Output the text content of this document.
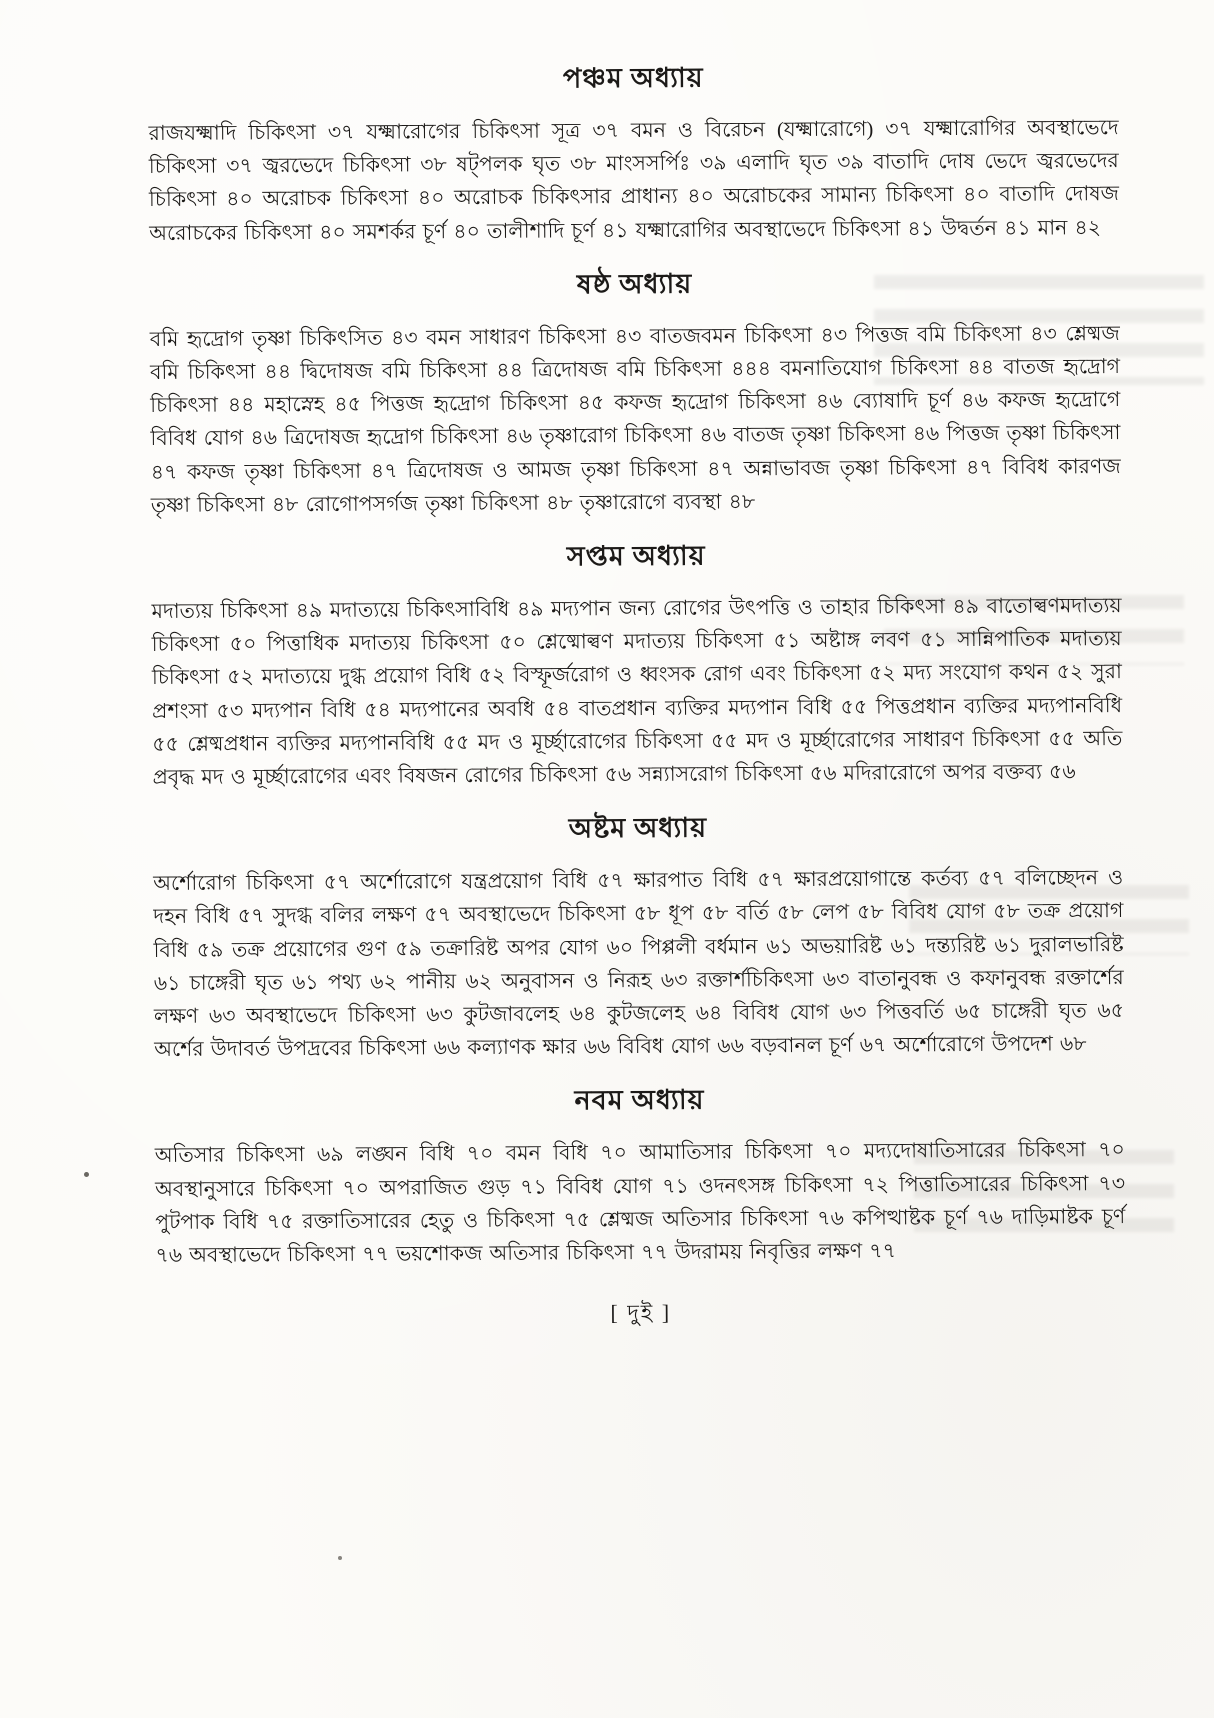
পঞ্চম অধ্যায়

রাজযক্ষ্মাদি চিকিৎসা ৩৭ যক্ষ্মারোগের চিকিৎসা সূত্র ৩৭ বমন ও বিরেচন (যক্ষ্মারোগে) ৩৭ যক্ষ্মারোগির অবস্থাভেদে চিকিৎসা ৩৭ জ্বরভেদে চিকিৎসা ৩৮ ষট্‌পলক ঘৃত ৩৮ মাংসসর্পিঃ ৩৯ এলাদি ঘৃত ৩৯ বাতাদি দোষ ভেদে জ্বরভেদের চিকিৎসা ৪০ অরোচক চিকিৎসা ৪০ অরোচক চিকিৎসার প্রাধান্য ৪০ অরোচকের সামান্য চিকিৎসা ৪০ বাতাদি দোষজ অরোচকের চিকিৎসা ৪০ সমশর্কর চূর্ণ ৪০ তালীশাদি চূর্ণ ৪১ যক্ষ্মারোগির অবস্থাভেদে চিকিৎসা ৪১ উদ্বর্তন ৪১ মান ৪২

ষষ্ঠ অধ্যায়

বমি হৃদ্রোগ তৃষ্ণা চিকিৎসিত ৪৩ বমন সাধারণ চিকিৎসা ৪৩ বাতজবমন চিকিৎসা ৪৩ পিত্তজ বমি চিকিৎসা ৪৩ শ্লেষ্মজ বমি চিকিৎসা ৪৪ দ্বিদোষজ বমি চিকিৎসা ৪৪ ত্রিদোষজ বমি চিকিৎসা ৪৪৪ বমনাতিযোগ চিকিৎসা ৪৪ বাতজ হৃদ্রোগ চিকিৎসা ৪৪ মহাস্নেহ ৪৫ পিত্তজ হৃদ্রোগ চিকিৎসা ৪৫ কফজ হৃদ্রোগ চিকিৎসা ৪৬ ব্যোষাদি চূর্ণ ৪৬ কফজ হৃদ্রোগে বিবিধ যোগ ৪৬ ত্রিদোষজ হৃদ্রোগ চিকিৎসা ৪৬ তৃষ্ণারোগ চিকিৎসা ৪৬ বাতজ তৃষ্ণা চিকিৎসা ৪৬ পিত্তজ তৃষ্ণা চিকিৎসা ৪৭ কফজ তৃষ্ণা চিকিৎসা ৪৭ ত্রিদোষজ ও আমজ তৃষ্ণা চিকিৎসা ৪৭ অন্নাভাবজ তৃষ্ণা চিকিৎসা ৪৭ বিবিধ কারণজ তৃষ্ণা চিকিৎসা ৪৮ রোগোপসর্গজ তৃষ্ণা চিকিৎসা ৪৮ তৃষ্ণারোগে ব্যবস্থা ৪৮

সপ্তম অধ্যায়

মদাত্যয় চিকিৎসা ৪৯ মদাত্যয়ে চিকিৎসাবিধি ৪৯ মদ্যপান জন্য রোগের উৎপত্তি ও তাহার চিকিৎসা ৪৯ বাতোল্বণমদাত্যয় চিকিৎসা ৫০ পিত্তাধিক মদাত্যয় চিকিৎসা ৫০ শ্লেষ্মোল্বণ মদাত্যয় চিকিৎসা ৫১ অষ্টাঙ্গ লবণ ৫১ সান্নিপাতিক মদাত্যয় চিকিৎসা ৫২ মদাত্যয়ে দুগ্ধ প্রয়োগ বিধি ৫২ বিস্ফূর্জরোগ ও ধ্বংসক রোগ এবং চিকিৎসা ৫২ মদ্য সংযোগ কথন ৫২ সুরা প্রশংসা ৫৩ মদ্যপান বিধি ৫৪ মদ্যপানের অবধি ৫৪ বাতপ্রধান ব্যক্তির মদ্যপান বিধি ৫৫ পিত্তপ্রধান ব্যক্তির মদ্যপানবিধি ৫৫ শ্লেষ্মপ্রধান ব্যক্তির মদ্যপানবিধি ৫৫ মদ ও মূর্চ্ছারোগের চিকিৎসা ৫৫ মদ ও মূর্চ্ছারোগের সাধারণ চিকিৎসা ৫৫ অতি প্রবৃদ্ধ মদ ও মূর্চ্ছারোগের এবং বিষজন রোগের চিকিৎসা ৫৬ সন্ন্যাসরোগ চিকিৎসা ৫৬ মদিরারোগে অপর বক্তব্য ৫৬

অষ্টম অধ্যায়

অর্শোরোগ চিকিৎসা ৫৭ অর্শোরোগে যন্ত্রপ্রয়োগ বিধি ৫৭ ক্ষারপাত বিধি ৫৭ ক্ষারপ্রয়োগান্তে কর্তব্য ৫৭ বলিচ্ছেদন ও দহন বিধি ৫৭ সুদগ্ধ বলির লক্ষণ ৫৭ অবস্থাভেদে চিকিৎসা ৫৮ ধূপ ৫৮ বর্তি ৫৮ লেপ ৫৮ বিবিধ যোগ ৫৮ তক্র প্রয়োগ বিধি ৫৯ তক্র প্রয়োগের গুণ ৫৯ তক্রারিষ্ট অপর যোগ ৬০ পিপ্পলী বর্ধমান ৬১ অভয়ারিষ্ট ৬১ দন্ত্যরিষ্ট ৬১ দুরালভারিষ্ট ৬১ চাঙ্গেরী ঘৃত ৬১ পথ্য ৬২ পানীয় ৬২ অনুবাসন ও নিরূহ ৬৩ রক্তার্শচিকিৎসা ৬৩ বাতানুবন্ধ ও কফানুবন্ধ রক্তার্শের লক্ষণ ৬৩ অবস্থাভেদে চিকিৎসা ৬৩ কুটজাবলেহ ৬৪ কুটজলেহ ৬৪ বিবিধ যোগ ৬৩ পিত্তবর্তি ৬৫ চাঙ্গেরী ঘৃত ৬৫ অর্শের উদাবর্ত উপদ্রবের চিকিৎসা ৬৬ কল্যাণক ক্ষার ৬৬ বিবিধ যোগ ৬৬ বড়বানল চূর্ণ ৬৭ অর্শোরোগে উপদেশ ৬৮

নবম অধ্যায়

অতিসার চিকিৎসা ৬৯ লঙ্ঘন বিধি ৭০ বমন বিধি ৭০ আমাতিসার চিকিৎসা ৭০ মদ্যদোষাতিসারের চিকিৎসা ৭০ অবস্থানুসারে চিকিৎসা ৭০ অপরাজিত গুড় ৭১ বিবিধ যোগ ৭১ ওদনৎসঙ্গ চিকিৎসা ৭২ পিত্তাতিসারের চিকিৎসা ৭৩ পুটপাক বিধি ৭৫ রক্তাতিসারের হেতু ও চিকিৎসা ৭৫ শ্লেষ্মজ অতিসার চিকিৎসা ৭৬ কপিত্থাষ্টক চূর্ণ ৭৬ দাড়িমাষ্টক চূর্ণ ৭৬ অবস্থাভেদে চিকিৎসা ৭৭ ভয়শোকজ অতিসার চিকিৎসা ৭৭ উদরাময় নিবৃত্তির লক্ষণ ৭৭

[ দুই ]
